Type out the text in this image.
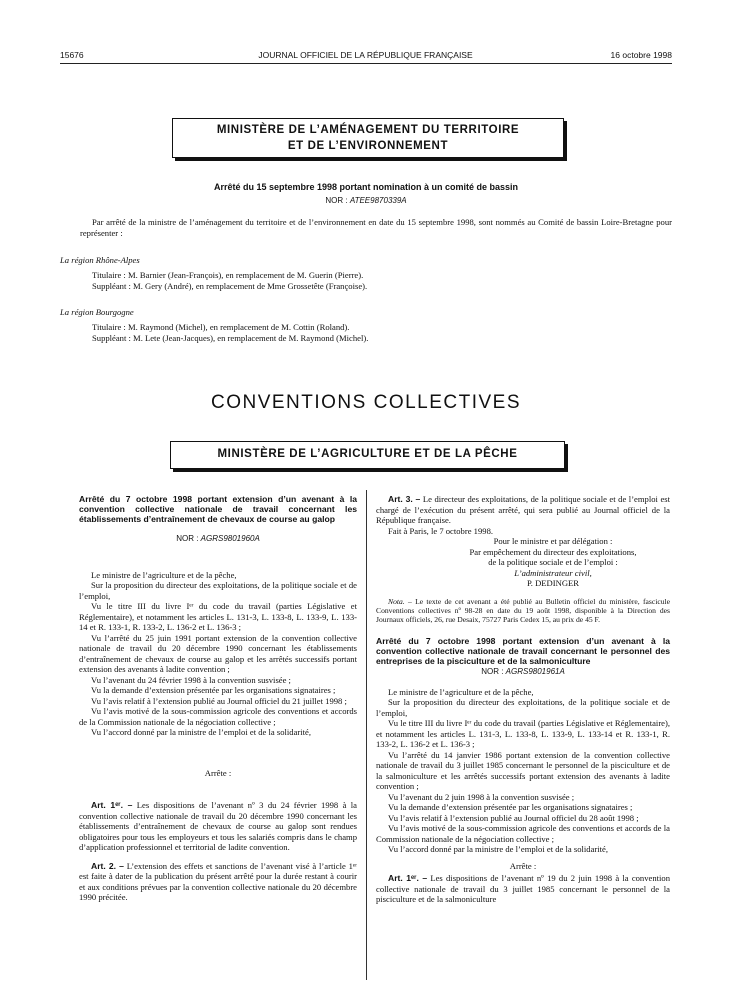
15676	JOURNAL OFFICIEL DE LA RÉPUBLIQUE FRANÇAISE	16 octobre 1998
MINISTÈRE DE L’AMÉNAGEMENT DU TERRITOIRE
ET DE L’ENVIRONNEMENT
Arrêté du 15 septembre 1998 portant nomination à un comité de bassin
NOR : ATEE9870339A

Par arrêté de la ministre de l’aménagement du territoire et de l’environnement en date du 15 septembre 1998, sont nommés au Comité de bassin Loire-Bretagne pour représenter :

La région Rhône-Alpes
Titulaire : M. Barnier (Jean-François), en remplacement de M. Guerin (Pierre).
Suppléant : M. Gery (André), en remplacement de Mme Grossetête (Françoise).
La région Bourgogne
Titulaire : M. Raymond (Michel), en remplacement de M. Cottin (Roland).
Suppléant : M. Lete (Jean-Jacques), en remplacement de M. Raymond (Michel).
CONVENTIONS COLLECTIVES
MINISTÈRE DE L’AGRICULTURE ET DE LA PÊCHE

Arrêté du 7 octobre 1998 portant extension d’un avenant à la convention collective nationale de travail concernant les établissements d’entraînement de chevaux de course au galop

NOR : AGRS9801960A

Le ministre de l’agriculture et de la pêche,

Sur la proposition du directeur des exploitations, de la politique sociale et de l’emploi,

Vu le titre III du livre Iᵉʳ du code du travail (parties Législative et Réglementaire), et notamment les articles L. 131-3, L. 133-8, L. 133-9, L. 133-14 et R. 133-1, R. 133-2, L. 136-2 et L. 136-3 ;

Vu l’arrêté du 25 juin 1991 portant extension de la convention collective nationale de travail du 20 décembre 1990 concernant les établissements d’entraînement de chevaux de course au galop et les arrêtés successifs portant extension des avenants à ladite convention ;

Vu l’avenant du 24 février 1998 à la convention susvisée ;

Vu la demande d’extension présentée par les organisations signataires ;

Vu l’avis relatif à l’extension publié au Journal officiel du 21 juillet 1998 ;

Vu l’avis motivé de la sous-commission agricole des conventions et accords de la Commission nationale de la négociation collective ;

Vu l’accord donné par la ministre de l’emploi et de la solidarité,

Arrête :

Art. 1ᵉʳ. – Les dispositions de l’avenant nº 3 du 24 février 1998 à la convention collective nationale de travail du 20 décembre 1990 concernant les établissements d’entraînement de chevaux de course au galop sont rendues obligatoires pour tous les employeurs et tous les salariés compris dans le champ d’application professionnel et territorial de ladite convention.

Art. 2. – L’extension des effets et sanctions de l’avenant visé à l’article 1ᵉʳ est faite à dater de la publication du présent arrêté pour la durée restant à courir et aux conditions prévues par la convention collective nationale du 20 décembre 1990 précitée.

Art. 3. – Le directeur des exploitations, de la politique sociale et de l’emploi est chargé de l’exécution du présent arrêté, qui sera publié au Journal officiel de la République française.

Fait à Paris, le 7 octobre 1998.

Pour le ministre et par délégation :
Par empêchement du directeur des exploitations,
de la politique sociale et de l’emploi :
L’administrateur civil,
P. DEDINGER

Nota. – Le texte de cet avenant a été publié au Bulletin officiel du ministère, fascicule Conventions collectives nº 98-28 en date du 19 août 1998, disponible à la Direction des Journaux officiels, 26, rue Desaix, 75727 Paris Cedex 15, au prix de 45 F.

Arrêté du 7 octobre 1998 portant extension d’un avenant à la convention collective nationale de travail concernant le personnel des entreprises de la pisciculture et de la salmoniculture

NOR : AGRS9801961A

Le ministre de l’agriculture et de la pêche,

Sur la proposition du directeur des exploitations, de la politique sociale et de l’emploi,

Vu le titre III du livre Iᵉʳ du code du travail (parties Législative et Réglementaire), et notamment les articles L. 131-3, L. 133-8, L. 133-9, L. 133-14 et R. 133-1, R. 133-2, L. 136-2 et L. 136-3 ;

Vu l’arrêté du 14 janvier 1986 portant extension de la convention collective nationale de travail du 3 juillet 1985 concernant le personnel de la pisciculture et de la salmoniculture et les arrêtés successifs portant extension des avenants à ladite convention ;

Vu l’avenant du 2 juin 1998 à la convention susvisée ;

Vu la demande d’extension présentée par les organisations signataires ;

Vu l’avis relatif à l’extension publié au Journal officiel du 28 août 1998 ;

Vu l’avis motivé de la sous-commission agricole des conventions et accords de la Commission nationale de la négociation collective ;

Vu l’accord donné par la ministre de l’emploi et de la solidarité,

Arrête :

Art. 1ᵉʳ. – Les dispositions de l’avenant nº 19 du 2 juin 1998 à la convention collective nationale de travail du 3 juillet 1985 concernant le personnel de la pisciculture et de la salmoniculture
